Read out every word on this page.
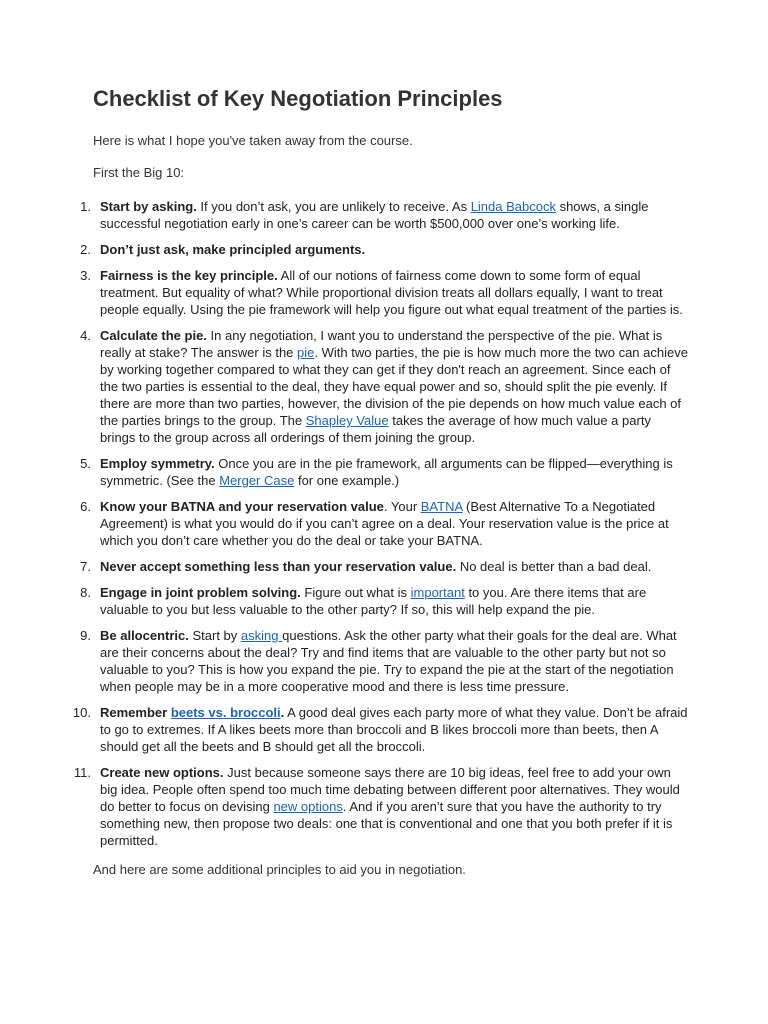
Checklist of Key Negotiation Principles

Here is what I hope you've taken away from the course.

First the Big 10:

1. Start by asking. If you don’t ask, you are unlikely to receive. As Linda Babcock shows, a single successful negotiation early in one’s career can be worth $500,000 over one’s working life.
2. Don’t just ask, make principled arguments.
3. Fairness is the key principle. All of our notions of fairness come down to some form of equal treatment. But equality of what? While proportional division treats all dollars equally, I want to treat people equally. Using the pie framework will help you figure out what equal treatment of the parties is.
4. Calculate the pie. In any negotiation, I want you to understand the perspective of the pie. What is really at stake? The answer is the pie. With two parties, the pie is how much more the two can achieve by working together compared to what they can get if they don't reach an agreement. Since each of the two parties is essential to the deal, they have equal power and so, should split the pie evenly. If there are more than two parties, however, the division of the pie depends on how much value each of the parties brings to the group. The Shapley Value takes the average of how much value a party brings to the group across all orderings of them joining the group.
5. Employ symmetry. Once you are in the pie framework, all arguments can be flipped—everything is symmetric. (See the Merger Case for one example.)
6. Know your BATNA and your reservation value. Your BATNA (Best Alternative To a Negotiated Agreement) is what you would do if you can’t agree on a deal. Your reservation value is the price at which you don’t care whether you do the deal or take your BATNA.
7. Never accept something less than your reservation value. No deal is better than a bad deal.
8. Engage in joint problem solving. Figure out what is important to you. Are there items that are valuable to you but less valuable to the other party? If so, this will help expand the pie.
9. Be allocentric. Start by asking questions. Ask the other party what their goals for the deal are. What are their concerns about the deal? Try and find items that are valuable to the other party but not so valuable to you? This is how you expand the pie. Try to expand the pie at the start of the negotiation when people may be in a more cooperative mood and there is less time pressure.
10. Remember beets vs. broccoli. A good deal gives each party more of what they value. Don’t be afraid to go to extremes. If A likes beets more than broccoli and B likes broccoli more than beets, then A should get all the beets and B should get all the broccoli.
11. Create new options. Just because someone says there are 10 big ideas, feel free to add your own big idea. People often spend too much time debating between different poor alternatives. They would do better to focus on devising new options. And if you aren’t sure that you have the authority to try something new, then propose two deals: one that is conventional and one that you both prefer if it is permitted.

And here are some additional principles to aid you in negotiation.
